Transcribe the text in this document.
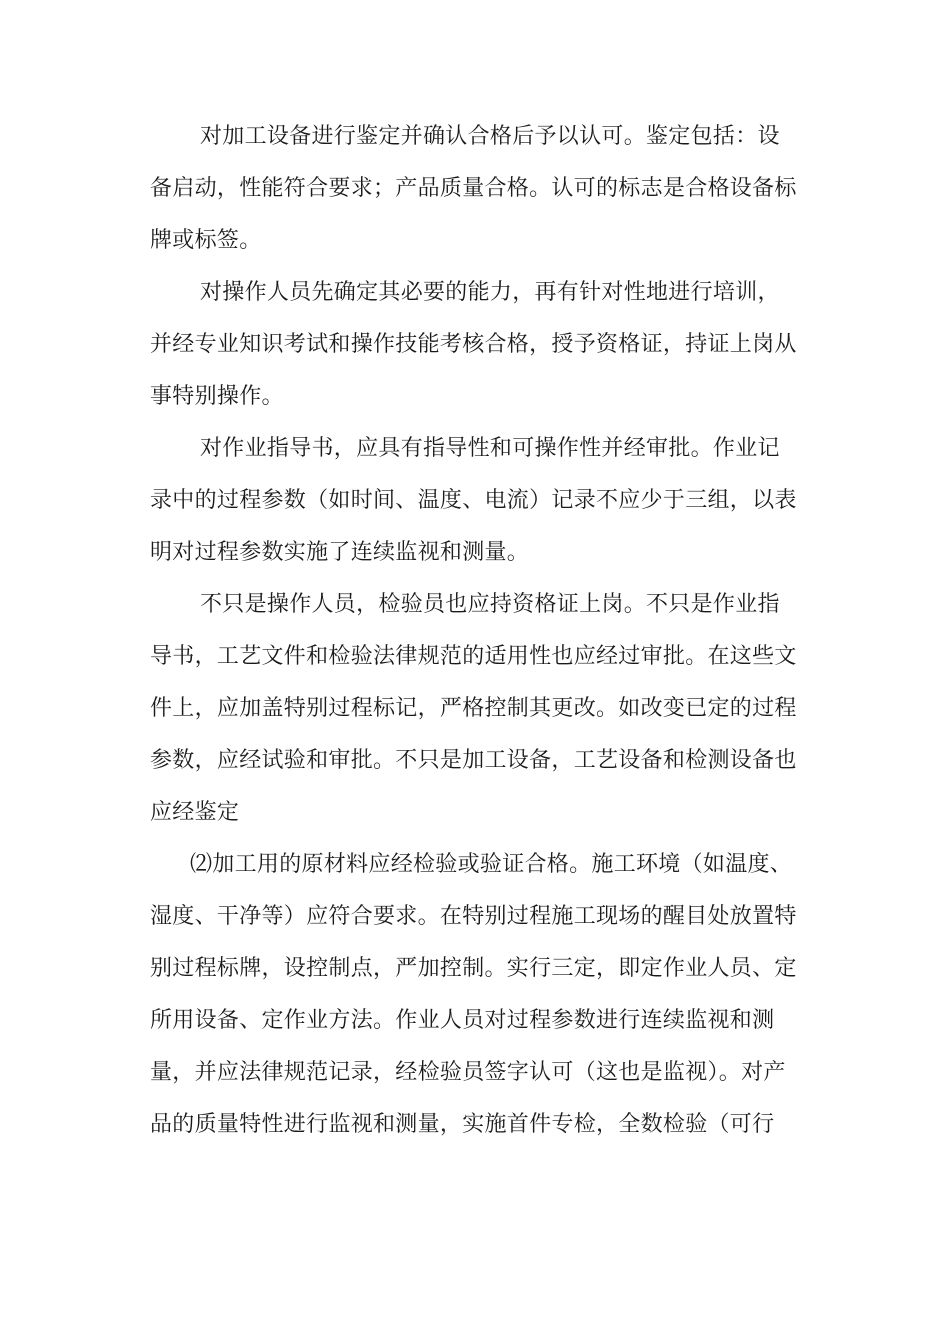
对加工设备进行鉴定并确认合格后予以认可。鉴定包括：设
备启动，性能符合要求；产品质量合格。认可的标志是合格设备标
牌或标签。
对操作人员先确定其必要的能力，再有针对性地进行培训，
并经专业知识考试和操作技能考核合格，授予资格证，持证上岗从
事特别操作。
对作业指导书，应具有指导性和可操作性并经审批。作业记
录中的过程参数（如时间、温度、电流）记录不应少于三组，以表
明对过程参数实施了连续监视和测量。
不只是操作人员，检验员也应持资格证上岗。不只是作业指
导书，工艺文件和检验法律规范的适用性也应经过审批。在这些文
件上，应加盖特别过程标记，严格控制其更改。如改变已定的过程
参数，应经试验和审批。不只是加工设备，工艺设备和检测设备也
应经鉴定
⑵加工用的原材料应经检验或验证合格。施工环境（如温度、
湿度、干净等）应符合要求。在特别过程施工现场的醒目处放置特
别过程标牌，设控制点，严加控制。实行三定，即定作业人员、定
所用设备、定作业方法。作业人员对过程参数进行连续监视和测
量，并应法律规范记录，经检验员签字认可（这也是监视）。对产
品的质量特性进行监视和测量，实施首件专检，全数检验（可行
